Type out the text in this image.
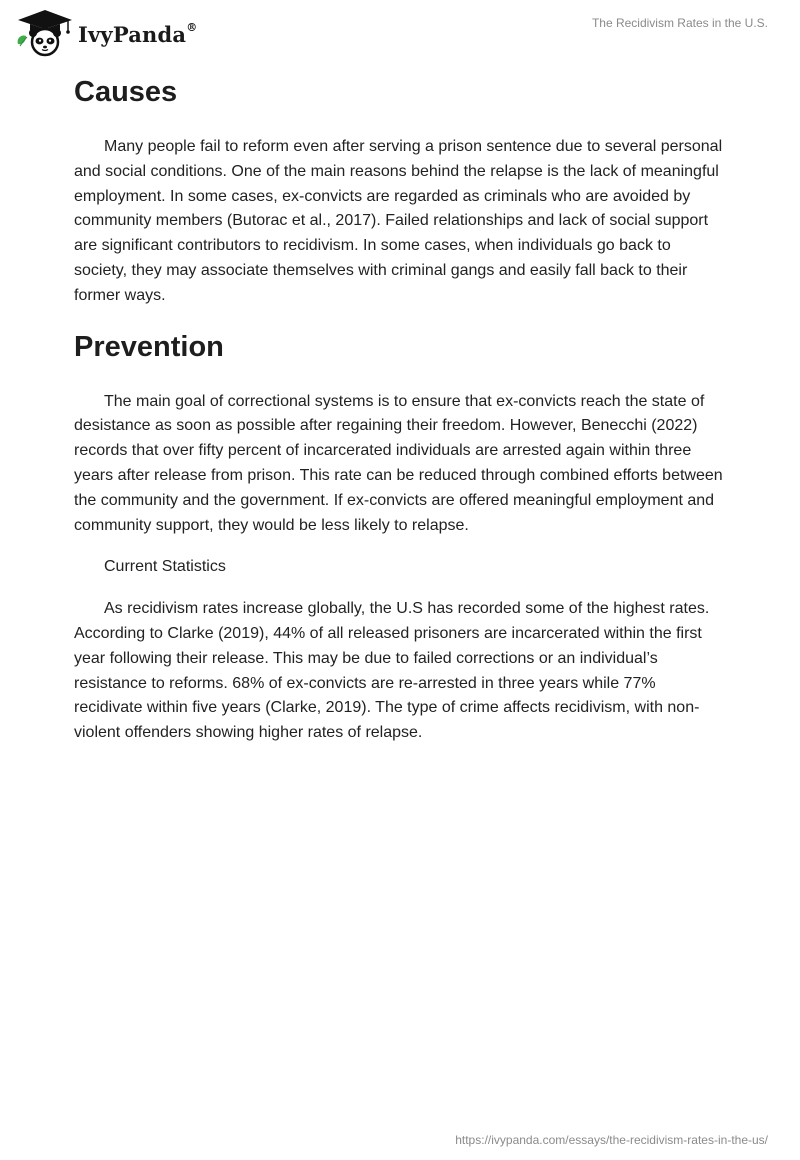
IvyPanda®	The Recidivism Rates in the U.S.
Causes

Many people fail to reform even after serving a prison sentence due to several personal and social conditions. One of the main reasons behind the relapse is the lack of meaningful employment. In some cases, ex-convicts are regarded as criminals who are avoided by community members (Butorac et al., 2017). Failed relationships and lack of social support are significant contributors to recidivism. In some cases, when individuals go back to society, they may associate themselves with criminal gangs and easily fall back to their former ways.

Prevention

The main goal of correctional systems is to ensure that ex-convicts reach the state of desistance as soon as possible after regaining their freedom. However, Benecchi (2022) records that over fifty percent of incarcerated individuals are arrested again within three years after release from prison. This rate can be reduced through combined efforts between the community and the government. If ex-convicts are offered meaningful employment and community support, they would be less likely to relapse.

Current Statistics

As recidivism rates increase globally, the U.S has recorded some of the highest rates. According to Clarke (2019), 44% of all released prisoners are incarcerated within the first year following their release. This may be due to failed corrections or an individual’s resistance to reforms. 68% of ex-convicts are re-arrested in three years while 77% recidivate within five years (Clarke, 2019). The type of crime affects recidivism, with non-violent offenders showing higher rates of relapse.

https://ivypanda.com/essays/the-recidivism-rates-in-the-us/
